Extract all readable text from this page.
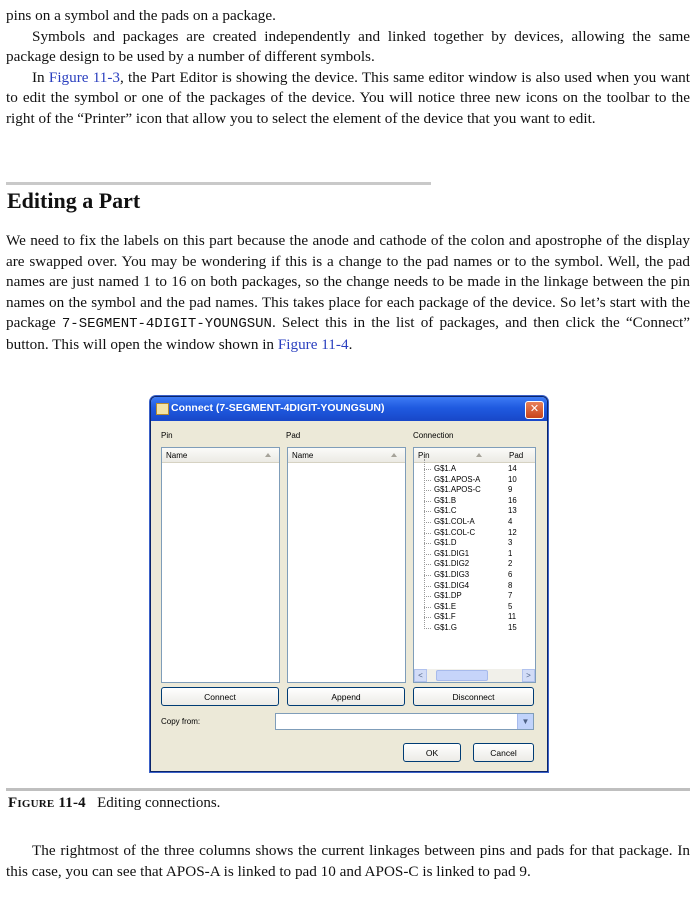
pins on a symbol and the pads on a package.

Symbols and packages are created independently and linked together by devices, allowing the same package design to be used by a number of different symbols.

In Figure 11-3, the Part Editor is showing the device. This same editor window is also used when you want to edit the symbol or one of the packages of the device. You will notice three new icons on the toolbar to the right of the “Printer” icon that allow you to select the element of the device that you want to edit.

Editing a Part

We need to fix the labels on this part because the anode and cathode of the colon and apostrophe of the display are swapped over. You may be wondering if this is a change to the pad names or to the symbol. Well, the pad names are just named 1 to 16 on both packages, so the change needs to be made in the linkage between the pin names on the symbol and the pad names. This takes place for each package of the device. So let’s start with the package 7-SEGMENT-4DIGIT-YOUNGSUN. Select this in the list of packages, and then click the “Connect” button. This will open the window shown in Figure 11-4.

Connect (7-SEGMENT-4DIGIT-YOUNGSUN)	✕
Pin	Pad	Connection
Name	Name	Pin	Pad
G$1.A	14
G$1.APOS-A	10
G$1.APOS-C	9
G$1.B	16
G$1.C	13
G$1.COL-A	4
G$1.COL-C	12
G$1.D	3
G$1.DIG1	1
G$1.DIG2	2
G$1.DIG3	6
G$1.DIG4	8
G$1.DP	7
G$1.E	5
G$1.F	11
G$1.G	15
<	>
Connect	Append	Disconnect
Copy from:	▼
OK	Cancel
Figure 11-4 Editing connections.

The rightmost of the three columns shows the current linkages between pins and pads for that package. In this case, you can see that APOS-A is linked to pad 10 and APOS-C is linked to pad 9.
